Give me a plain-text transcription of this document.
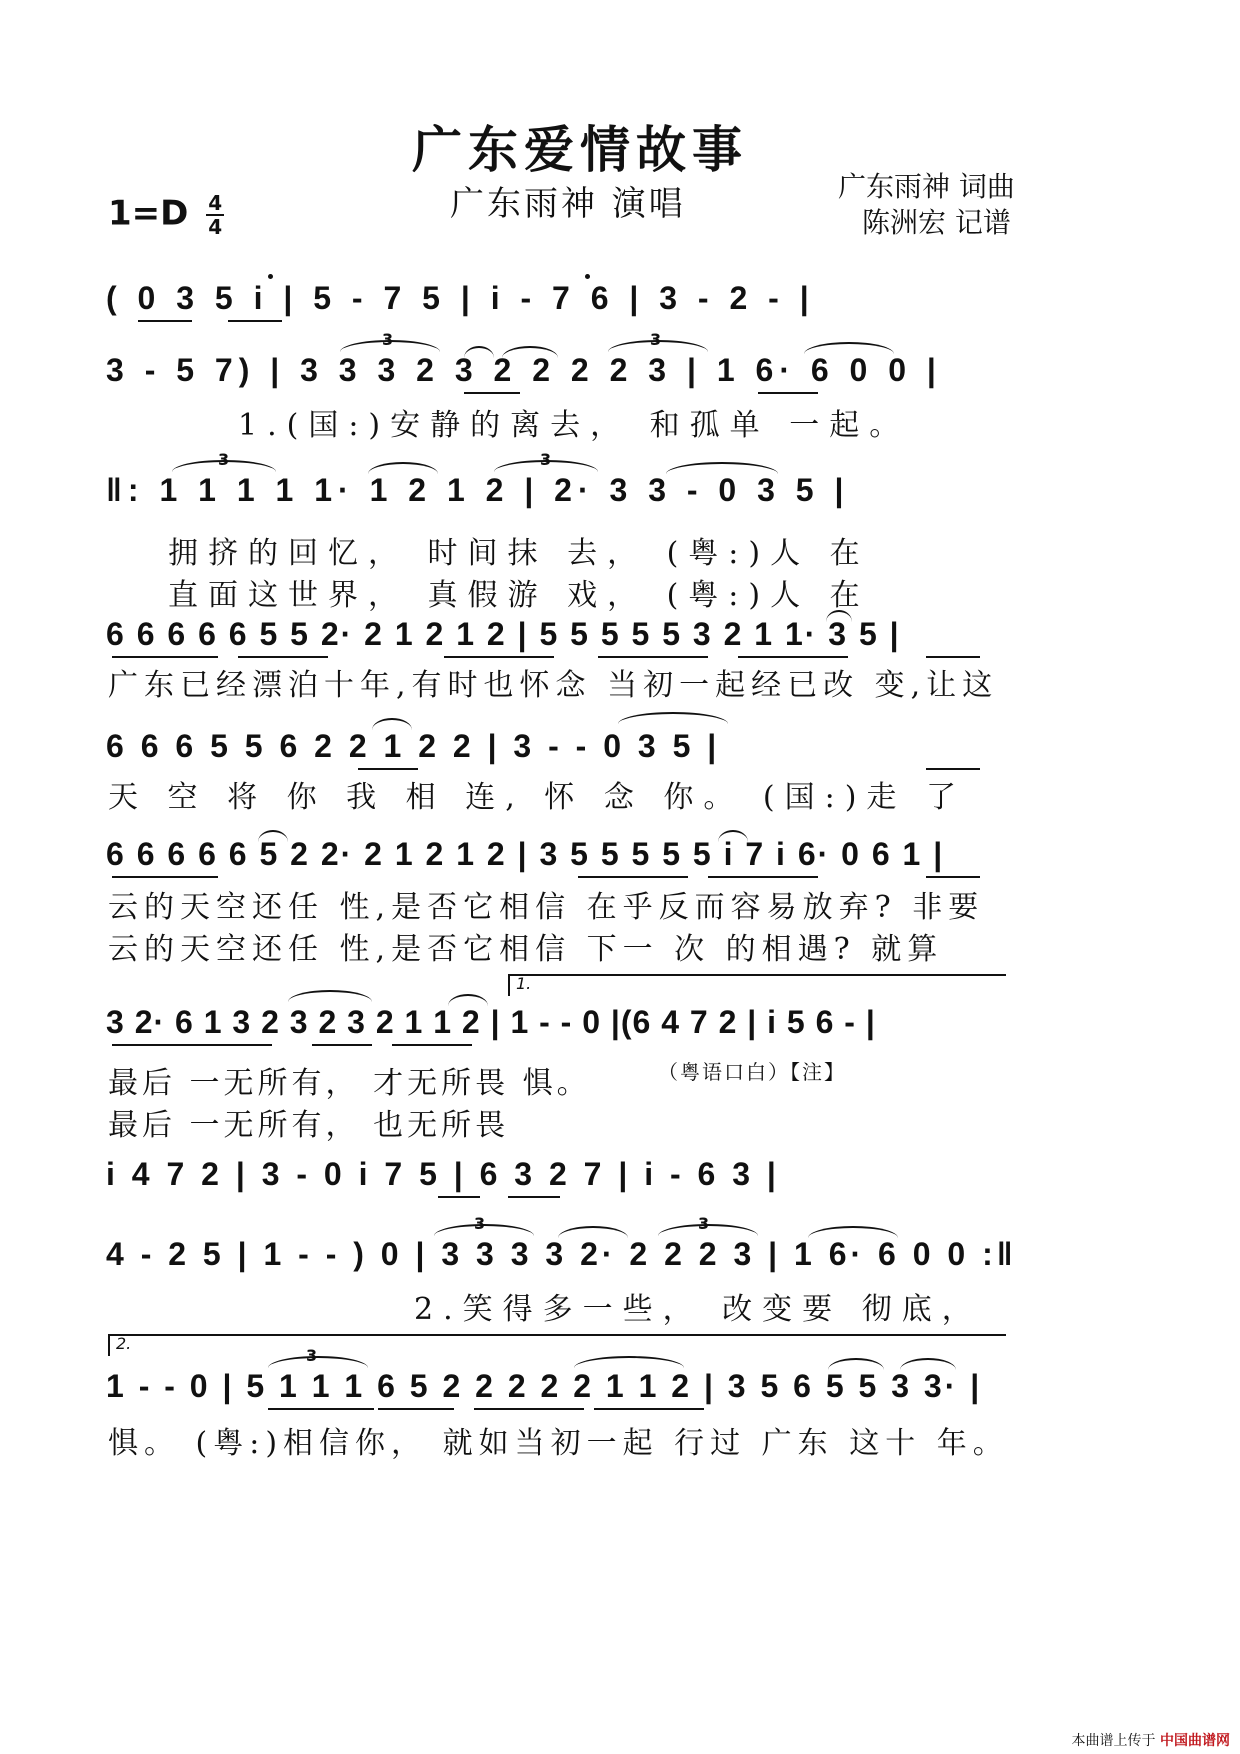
广东爱情故事
广东雨神 演唱	广东雨神 词曲
陈洲宏 记谱
$1=D \frac{4}{4}$
( 0 3 5 i | 5 - 7 5 | i - 7 6 | 3 - 2 - |
3	3
3 - 5 7) | 3 3 3 2 3 2 2 2 2 3 | 1 6· 6 0 0 |
1.(国:)安静的离去， 和孤单 一起。
3	3
‖: 1 1 1 1 1· 1 2 1 2 | 2· 3 3 - 0 3 5 |
拥挤的回忆， 时间抹 去， (粤:)人 在
直面这世界， 真假游 戏， (粤:)人 在
6 6 6 6 6 5 5 2· 2 1 2 1 2 | 5 5 5 5 5 3 2 1 1· 3 5 |
广东已经漂泊十年,有时也怀念 当初一起经已改 变,让这
6 6 6 5 5 6 2 2 1 2 2 | 3 - - 0 3 5 |
天 空 将 你 我 相 连, 怀 念 你。 (国:)走 了
6 6 6 6 6 5 2 2· 2 1 2 1 2 | 3 5 5 5 5 5 i 7 i 6· 0 6 1 |
云的天空还任 性,是否它相信 在乎反而容易放弃? 非要
云的天空还任 性,是否它相信 下一 次 的相遇? 就算
1.
3 2· 6 1 3 2 3 2 3 2 1 1 2 | 1 - - 0 |(6 4 7 2 | i 5 6 - |
最后 一无所有， 才无所畏 惧。
最后 一无所有， 也无所畏
（粤语口白）【注】
i 4 7 2 | 3 - 0 i 7 5 | 6 3 2 7 | i - 6 3 |
3	3
4 - 2 5 | 1 - - ) 0 | 3 3 3 3 2· 2 2 2 3 | 1 6· 6 0 0 :‖
2.笑得多一些， 改变要 彻底，
2.
3
1 - - 0 | 5 1 1 1 6 5 2 2 2 2 2 1 1 2 | 3 5 6 5 5 3 3· |
惧。 (粤:)相信你， 就如当初一起 行过 广东 这十 年。
本曲谱上传于 中国曲谱网
